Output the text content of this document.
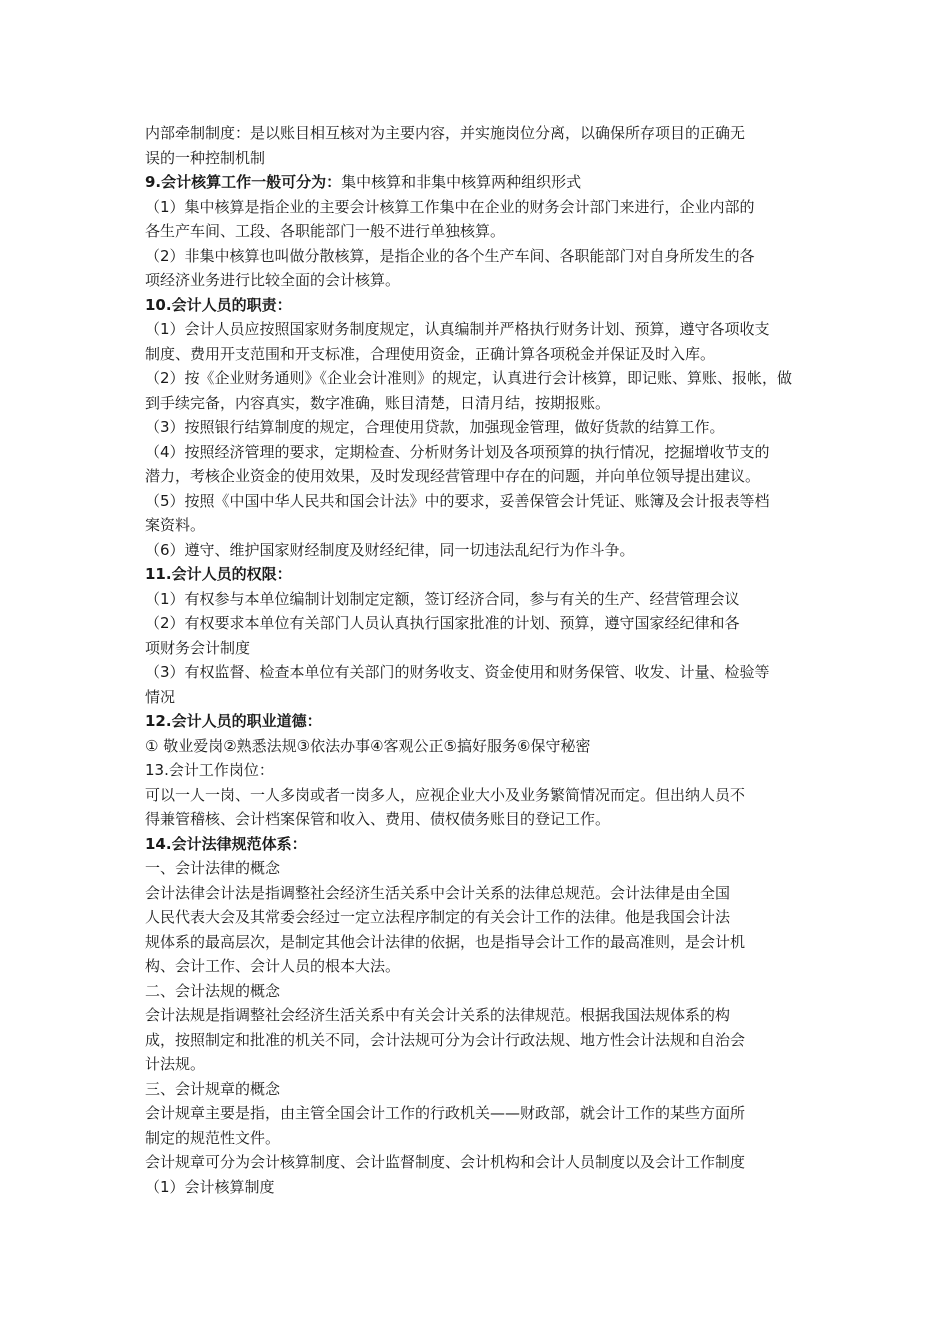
内部牵制制度：是以账目相互核对为主要内容，并实施岗位分离，以确保所存项目的正确无

误的一种控制机制

9.会计核算工作一般可分为：集中核算和非集中核算两种组织形式

（1）集中核算是指企业的主要会计核算工作集中在企业的财务会计部门来进行，企业内部的

各生产车间、工段、各职能部门一般不进行单独核算。

（2）非集中核算也叫做分散核算，是指企业的各个生产车间、各职能部门对自身所发生的各

项经济业务进行比较全面的会计核算。

10.会计人员的职责：

（1）会计人员应按照国家财务制度规定，认真编制并严格执行财务计划、预算，遵守各项收支

制度、费用开支范围和开支标准，合理使用资金，正确计算各项税金并保证及时入库。

（2）按《企业财务通则》《企业会计准则》的规定，认真进行会计核算，即记账、算账、报帐，做

到手续完备，内容真实，数字准确，账目清楚，日清月结，按期报账。

（3）按照银行结算制度的规定，合理使用贷款，加强现金管理，做好货款的结算工作。

（4）按照经济管理的要求，定期检查、分析财务计划及各项预算的执行情况，挖掘增收节支的

潜力，考核企业资金的使用效果，及时发现经营管理中存在的问题，并向单位领导提出建议。

（5）按照《中国中华人民共和国会计法》中的要求，妥善保管会计凭证、账簿及会计报表等档

案资料。

（6）遵守、维护国家财经制度及财经纪律，同一切违法乱纪行为作斗争。

11.会计人员的权限：

（1）有权参与本单位编制计划制定定额，签订经济合同，参与有关的生产、经营管理会议

（2）有权要求本单位有关部门人员认真执行国家批准的计划、预算，遵守国家经纪律和各

项财务会计制度

（3）有权监督、检查本单位有关部门的财务收支、资金使用和财务保管、收发、计量、检验等

情况

12.会计人员的职业道德：

① 敬业爱岗②熟悉法规③依法办事④客观公正⑤搞好服务⑥保守秘密

13.会计工作岗位：

可以一人一岗、一人多岗或者一岗多人，应视企业大小及业务繁简情况而定。但出纳人员不

得兼管稽核、会计档案保管和收入、费用、债权债务账目的登记工作。

14.会计法律规范体系：

一、会计法律的概念

会计法律会计法是指调整社会经济生活关系中会计关系的法律总规范。会计法律是由全国

人民代表大会及其常委会经过一定立法程序制定的有关会计工作的法律。他是我国会计法

规体系的最高层次，是制定其他会计法律的依据，也是指导会计工作的最高准则，是会计机

构、会计工作、会计人员的根本大法。

二、会计法规的概念

会计法规是指调整社会经济生活关系中有关会计关系的法律规范。根据我国法规体系的构

成，按照制定和批准的机关不同，会计法规可分为会计行政法规、地方性会计法规和自治会

计法规。

三、会计规章的概念

会计规章主要是指，由主管全国会计工作的行政机关——财政部，就会计工作的某些方面所

制定的规范性文件。

会计规章可分为会计核算制度、会计监督制度、会计机构和会计人员制度以及会计工作制度

（1）会计核算制度
